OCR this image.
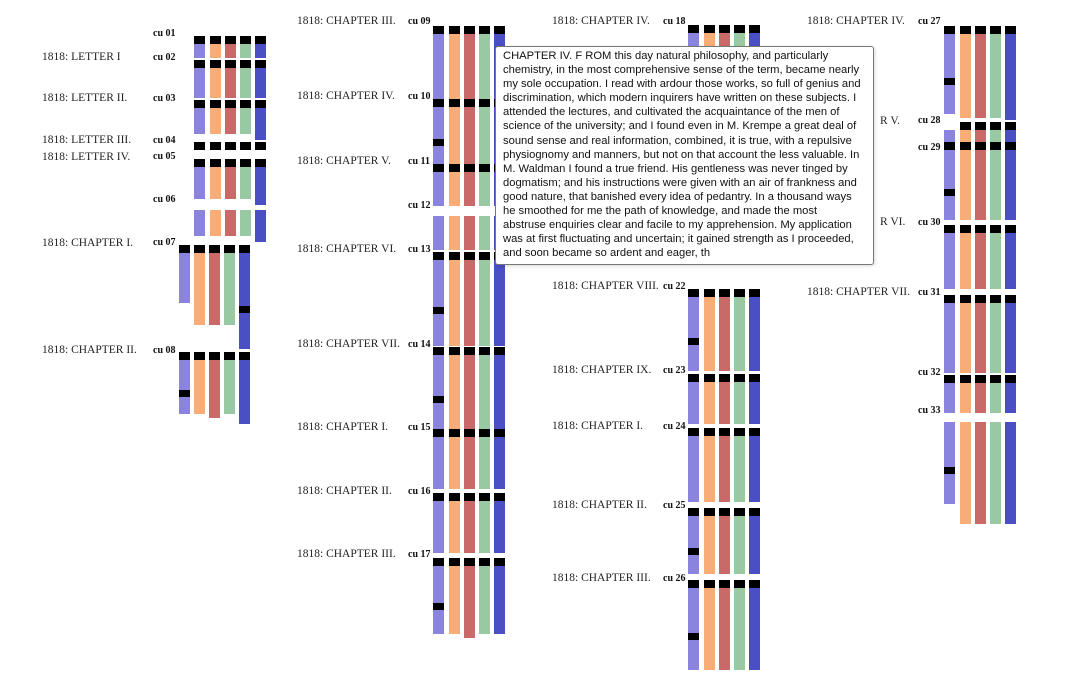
1818: LETTER I
1818: LETTER II.
1818: LETTER III.
1818: LETTER IV.
1818: CHAPTER I.
1818: CHAPTER II.
1818: CHAPTER III.
1818: CHAPTER IV.
1818: CHAPTER V.
1818: CHAPTER VI.
1818: CHAPTER VII.
1818: CHAPTER I.
1818: CHAPTER II.
1818: CHAPTER III.
1818: CHAPTER IV.
1818: CHAPTER VIII.
1818: CHAPTER IX.
1818: CHAPTER I.
1818: CHAPTER II.
1818: CHAPTER III.
1818: CHAPTER IV.
R V.
R VI.
1818: CHAPTER VII.
cu 01
cu 02
cu 03
cu 04
cu 05
cu 06
cu 07
cu 08
cu 09
cu 10
cu 11
cu 12
cu 13
cu 14
cu 15
cu 16
cu 17
cu 18
cu 22
cu 23
cu 24
cu 25
cu 26
cu 27
cu 28
cu 29
cu 30
cu 31
cu 32
cu 33
CHAPTER IV. F ROM this day natural philosophy, and particularly chemistry, in the most comprehensive sense of the term, became nearly my sole occupation. I read with ardour those works, so full of genius and discrimination, which modern inquirers have written on these subjects. I attended the lectures, and cultivated the acquaintance of the men of science of the university; and I found even in M. Krempe a great deal of sound sense and real information, combined, it is true, with a repulsive physiognomy and manners, but not on that account the less valuable. In M. Waldman I found a true friend. His gentleness was never tinged by dogmatism; and his instructions were given with an air of frankness and good nature, that banished every idea of pedantry. In a thousand ways he smoothed for me the path of knowledge, and made the most abstruse enquiries clear and facile to my apprehension. My application was at first fluctuating and uncertain; it gained strength as I proceeded, and soon became so ardent and eager, th
